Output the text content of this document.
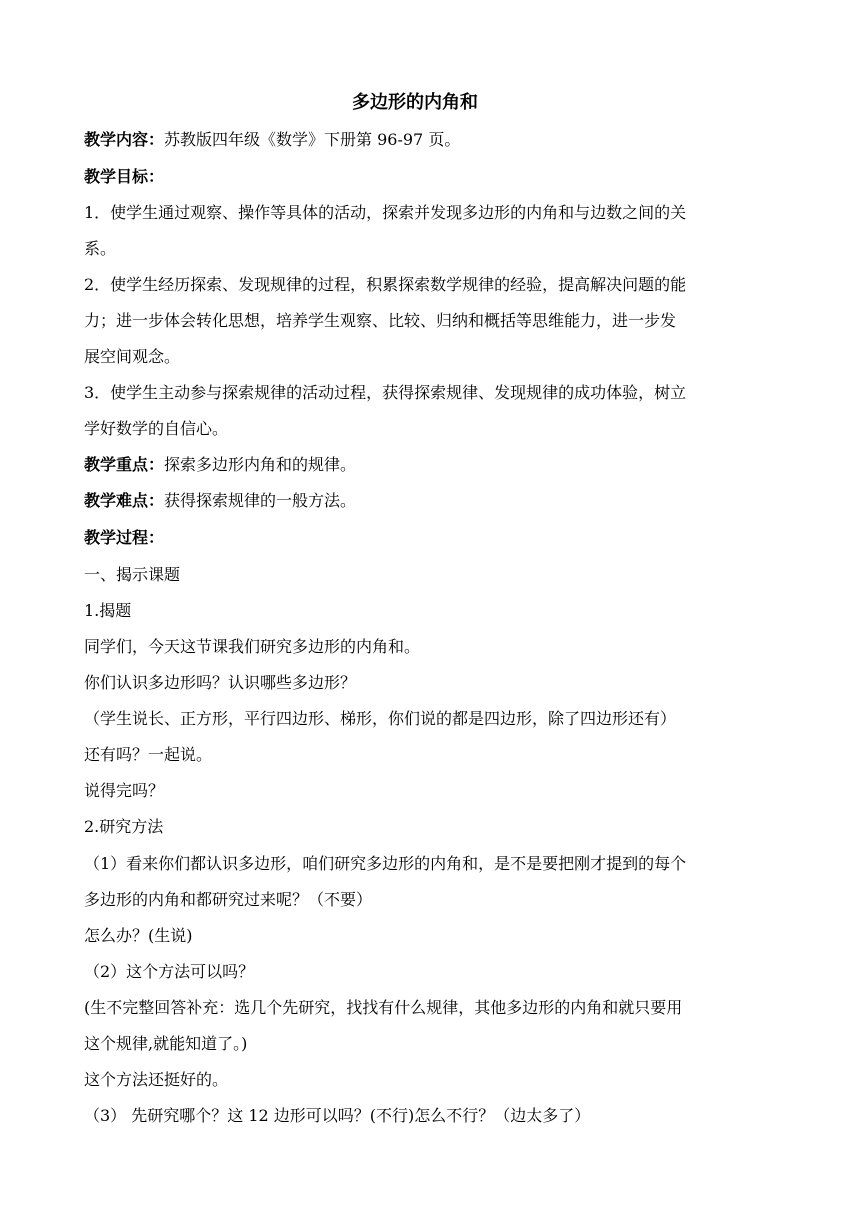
多边形的内角和
教学内容：苏教版四年级《数学》下册第 96-97 页。
教学目标：
1．使学生通过观察、操作等具体的活动，探索并发现多边形的内角和与边数之间的关
系。
2．使学生经历探索、发现规律的过程，积累探索数学规律的经验，提高解决问题的能
力；进一步体会转化思想，培养学生观察、比较、归纳和概括等思维能力，进一步发
展空间观念。
3．使学生主动参与探索规律的活动过程，获得探索规律、发现规律的成功体验，树立
学好数学的自信心。
教学重点：探索多边形内角和的规律。
教学难点：获得探索规律的一般方法。
教学过程：
一、揭示课题
1.揭题
同学们，今天这节课我们研究多边形的内角和。
你们认识多边形吗？认识哪些多边形？
（学生说长、正方形，平行四边形、梯形，你们说的都是四边形，除了四边形还有）
还有吗？一起说。
说得完吗？
2.研究方法
（1）看来你们都认识多边形，咱们研究多边形的内角和，是不是要把刚才提到的每个
多边形的内角和都研究过来呢？（不要）
怎么办？(生说)
（2）这个方法可以吗？
(生不完整回答补充：选几个先研究，找找有什么规律，其他多边形的内角和就只要用
这个规律,就能知道了。)
这个方法还挺好的。
（3） 先研究哪个？这 12 边形可以吗？(不行)怎么不行？（边太多了）
